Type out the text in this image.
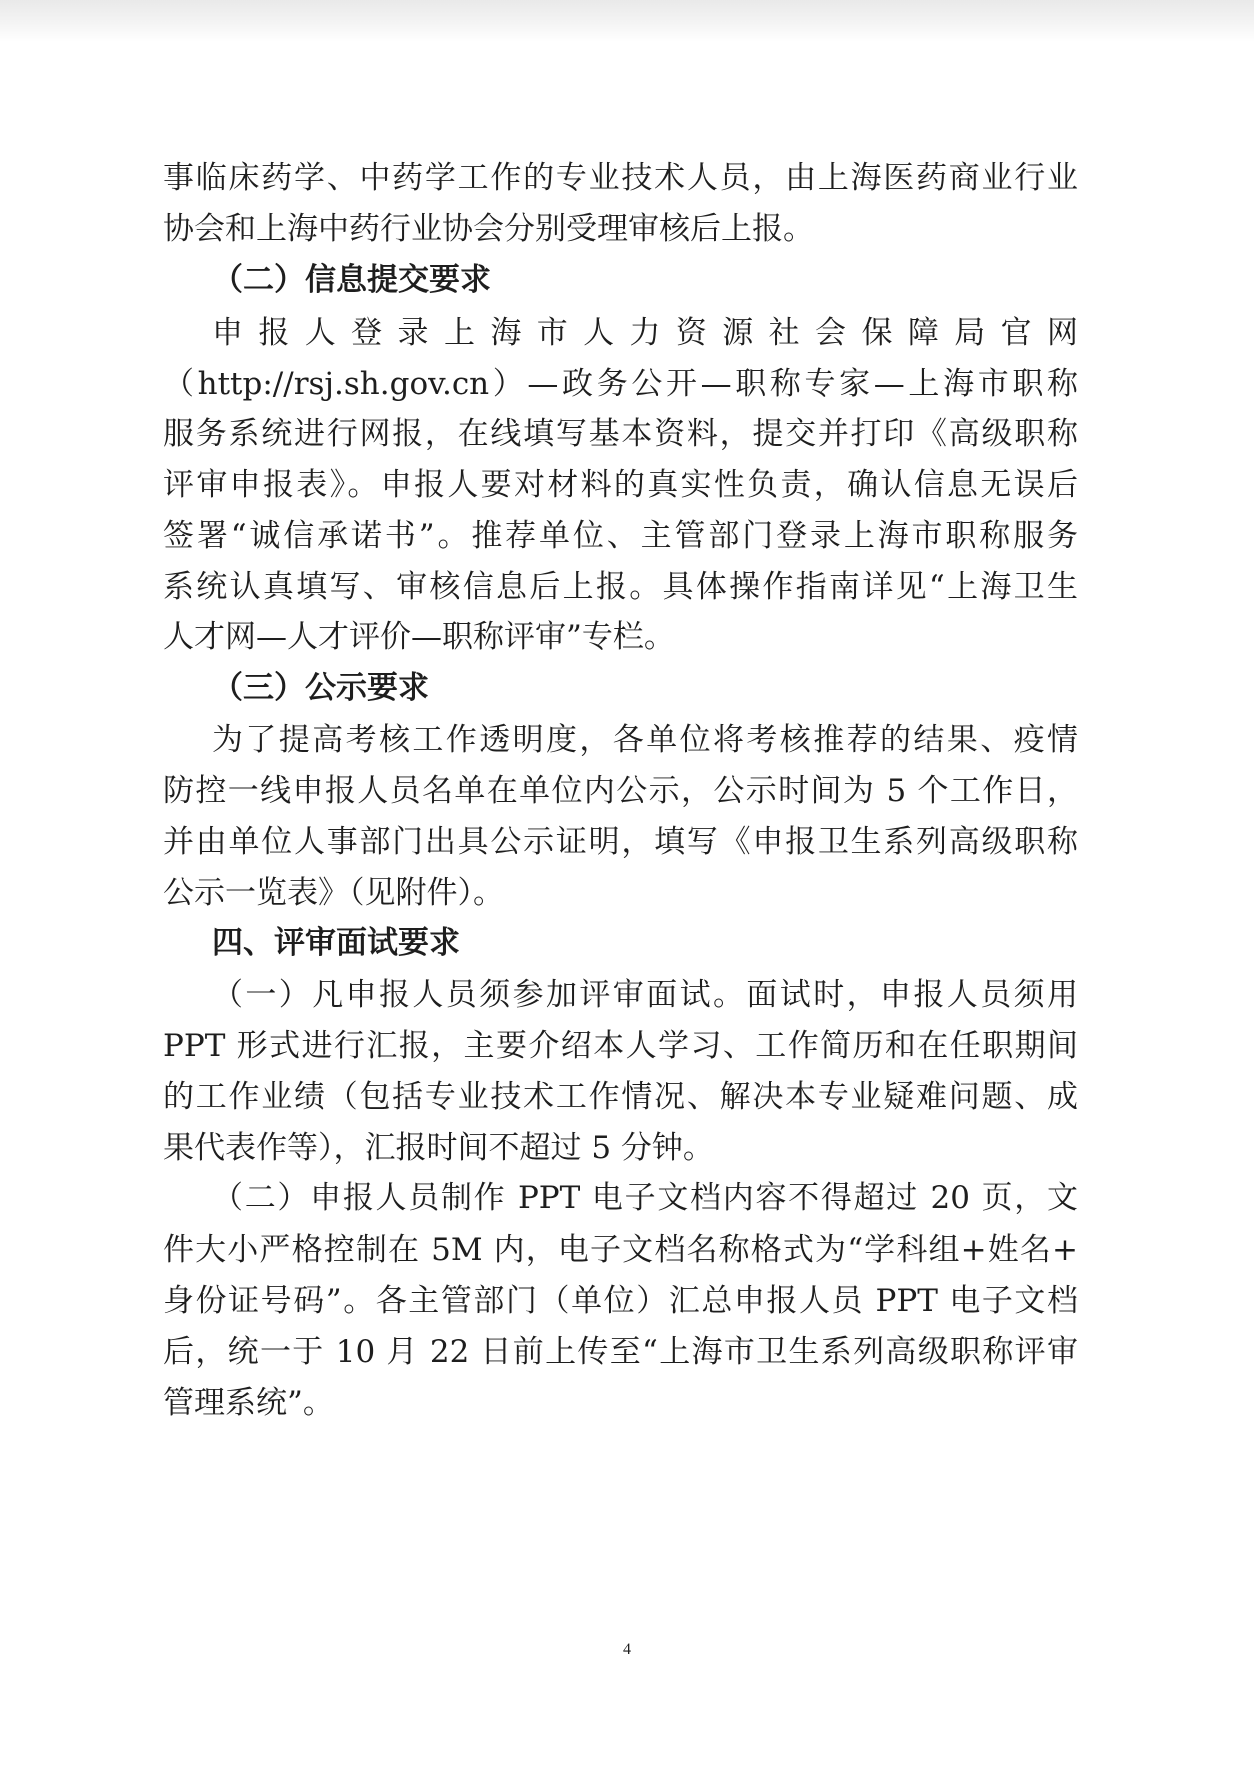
事临床药学、中药学工作的专业技术人员，由上海医药商业行业
协会和上海中药行业协会分别受理审核后上报。
（二）信息提交要求
申报人登录上海市人力资源社会保障局官网
（http://rsj.sh.gov.cn）—政务公开—职称专家—上海市职称
服务系统进行网报，在线填写基本资料，提交并打印《高级职称
评审申报表》。申报人要对材料的真实性负责，确认信息无误后
签署“诚信承诺书”。推荐单位、主管部门登录上海市职称服务
系统认真填写、审核信息后上报。具体操作指南详见“上海卫生
人才网—人才评价—职称评审”专栏。
（三）公示要求
为了提高考核工作透明度，各单位将考核推荐的结果、疫情
防控一线申报人员名单在单位内公示，公示时间为 5 个工作日，
并由单位人事部门出具公示证明，填写《申报卫生系列高级职称
公示一览表》（见附件）。
四、评审面试要求
（一）凡申报人员须参加评审面试。面试时，申报人员须用
PPT 形式进行汇报，主要介绍本人学习、工作简历和在任职期间
的工作业绩（包括专业技术工作情况、解决本专业疑难问题、成
果代表作等），汇报时间不超过 5 分钟。
（二）申报人员制作 PPT 电子文档内容不得超过 20 页，文
件大小严格控制在 5M 内，电子文档名称格式为“学科组+姓名+
身份证号码”。各主管部门（单位）汇总申报人员 PPT 电子文档
后，统一于 10 月 22 日前上传至“上海市卫生系列高级职称评审
管理系统”。
4
